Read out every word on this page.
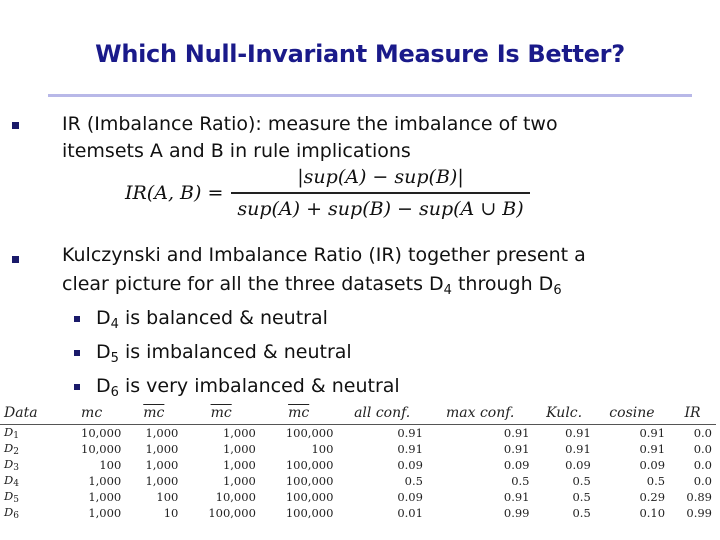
Which Null-Invariant Measure Is Better?
IR (Imbalance Ratio): measure the imbalance of two
itemsets A and B in rule implications
IR(A, $B) = \frac{\text{|sup(A) − sup(B)|}}{\text{sup(A) + sup(B) − sup(A ∪ B)}}$
Kulczynski and Imbalance Ratio (IR) together present a
clear picture for all the three datasets $D_4$ through $D_6$
$D_4$ is balanced & neutral
$D_5$ is imbalanced & neutral
$D_6$ is very imbalanced & neutral
Data	mc	$\overline{mc}$	$\overline{mc}$	$\overline{mc}$	all conf.	max conf.	Kulc.	cosine	IR
D1	10,000	1,000	1,000	100,000	0.91	0.91	0.91	0.91	0.0
D2	10,000	1,000	1,000	100	0.91	0.91	0.91	0.91	0.0
D3	100	1,000	1,000	100,000	0.09	0.09	0.09	0.09	0.0
D4	1,000	1,000	1,000	100,000	0.5	0.5	0.5	0.5	0.0
D5	1,000	100	10,000	100,000	0.09	0.91	0.5	0.29	0.89
D6	1,000	10	100,000	100,000	0.01	0.99	0.5	0.10	0.99
